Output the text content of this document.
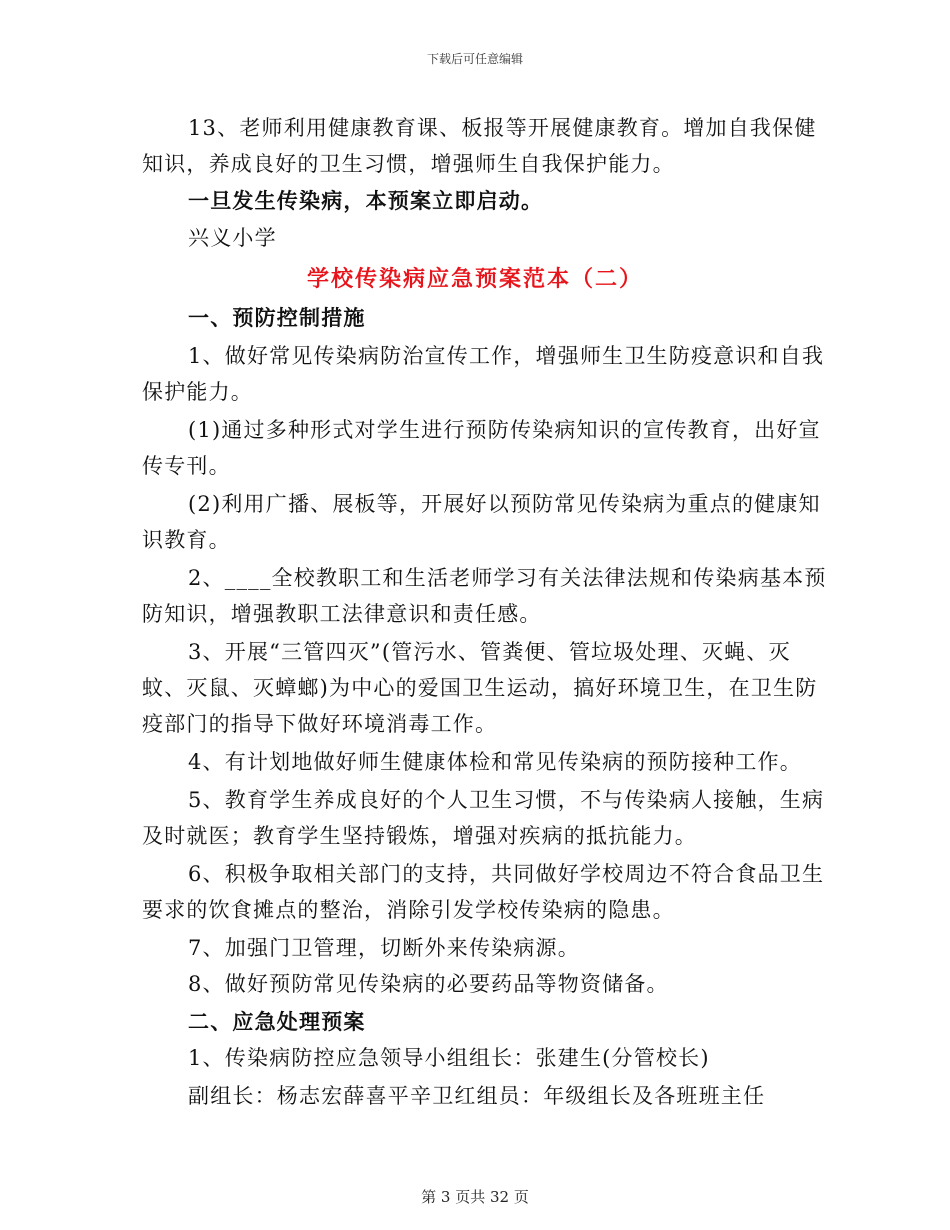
下载后可任意编辑
13、老师利用健康教育课、板报等开展健康教育。增加自我保健
知识，养成良好的卫生习惯，增强师生自我保护能力。
一旦发生传染病，本预案立即启动。
兴义小学
学校传染病应急预案范本（二）
一、预防控制措施
1、做好常见传染病防治宣传工作，增强师生卫生防疫意识和自我
保护能力。
(1)通过多种形式对学生进行预防传染病知识的宣传教育，出好宣
传专刊。
(2)利用广播、展板等，开展好以预防常见传染病为重点的健康知
识教育。
2、____全校教职工和生活老师学习有关法律法规和传染病基本预
防知识，增强教职工法律意识和责任感。
3、开展“三管四灭”(管污水、管粪便、管垃圾处理、灭蝇、灭
蚊、灭鼠、灭蟑螂)为中心的爱国卫生运动，搞好环境卫生，在卫生防
疫部门的指导下做好环境消毒工作。
4、有计划地做好师生健康体检和常见传染病的预防接种工作。
5、教育学生养成良好的个人卫生习惯，不与传染病人接触，生病
及时就医；教育学生坚持锻炼，增强对疾病的抵抗能力。
6、积极争取相关部门的支持，共同做好学校周边不符合食品卫生
要求的饮食摊点的整治，消除引发学校传染病的隐患。
7、加强门卫管理，切断外来传染病源。
8、做好预防常见传染病的必要药品等物资储备。
二、应急处理预案
1、传染病防控应急领导小组组长：张建生(分管校长)
副组长：杨志宏薛喜平辛卫红组员：年级组长及各班班主任
第 3 页共 32 页
